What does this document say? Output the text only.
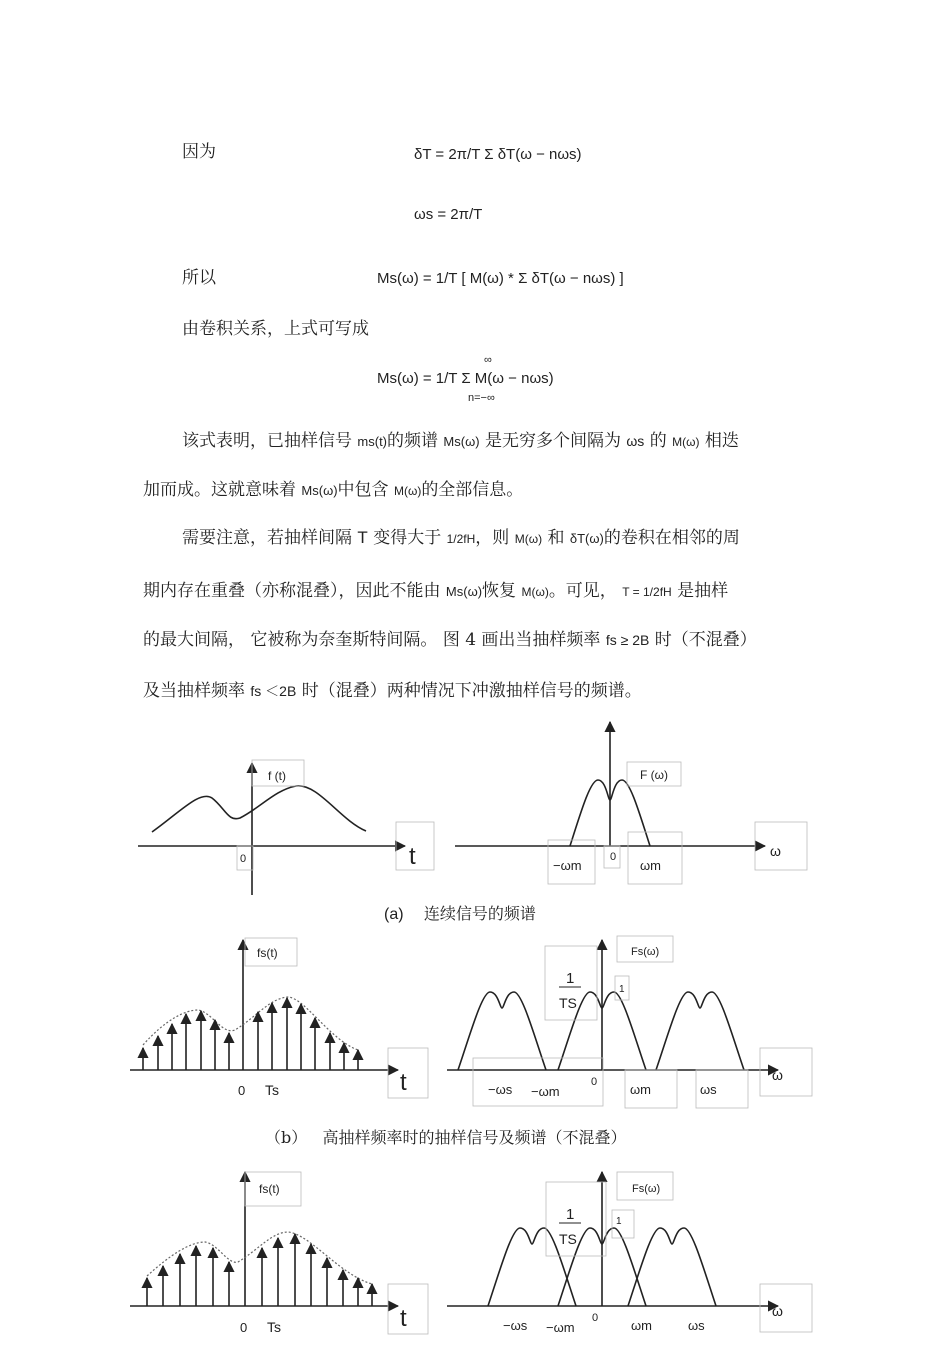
因为	δT = 2π/T Σ δT(ω − nωs)
ωs = 2π/T
所以	Ms(ω) = 1/T [ M(ω) * Σ δT(ω − nωs) ]
由卷积关系，上式可写成
Ms(ω) = 1/T Σ M(ω − nωs)
∞
n=−∞
该式表明，已抽样信号 ms(t)的频谱 Ms(ω) 是无穷多个间隔为 ωs 的 M(ω) 相迭
加而成。这就意味着 Ms(ω)中包含 M(ω)的全部信息。
需要注意，若抽样间隔 T 变得大于 1/2fH，则 M(ω) 和 δT(ω)的卷积在相邻的周
期内存在重叠（亦称混叠），因此不能由 Ms(ω)恢复 M(ω)。可见， T = 1/2fH 是抽样
的最大间隔， 它被称为奈奎斯特间隔。 图 4 画出当抽样频率 fs ≥ 2B 时（不混叠）
及当抽样频率 fs ＜2B 时（混叠）两种情况下冲激抽样信号的频谱。
f (t)
0	t
F (ω)
0
−ωm	ωm
ω
fs(t)
0 Ts	t
Fs(ω)
1
TS
1
0
−ωs −ωm	ωm	ωs
ω
fs(t)
0 Ts	t
Fs(ω)
1
TS
1
0
−ωs −ωm	ωm	ωs
ω
(a) 连续信号的频谱
（b） 高抽样频率时的抽样信号及频谱（不混叠）
